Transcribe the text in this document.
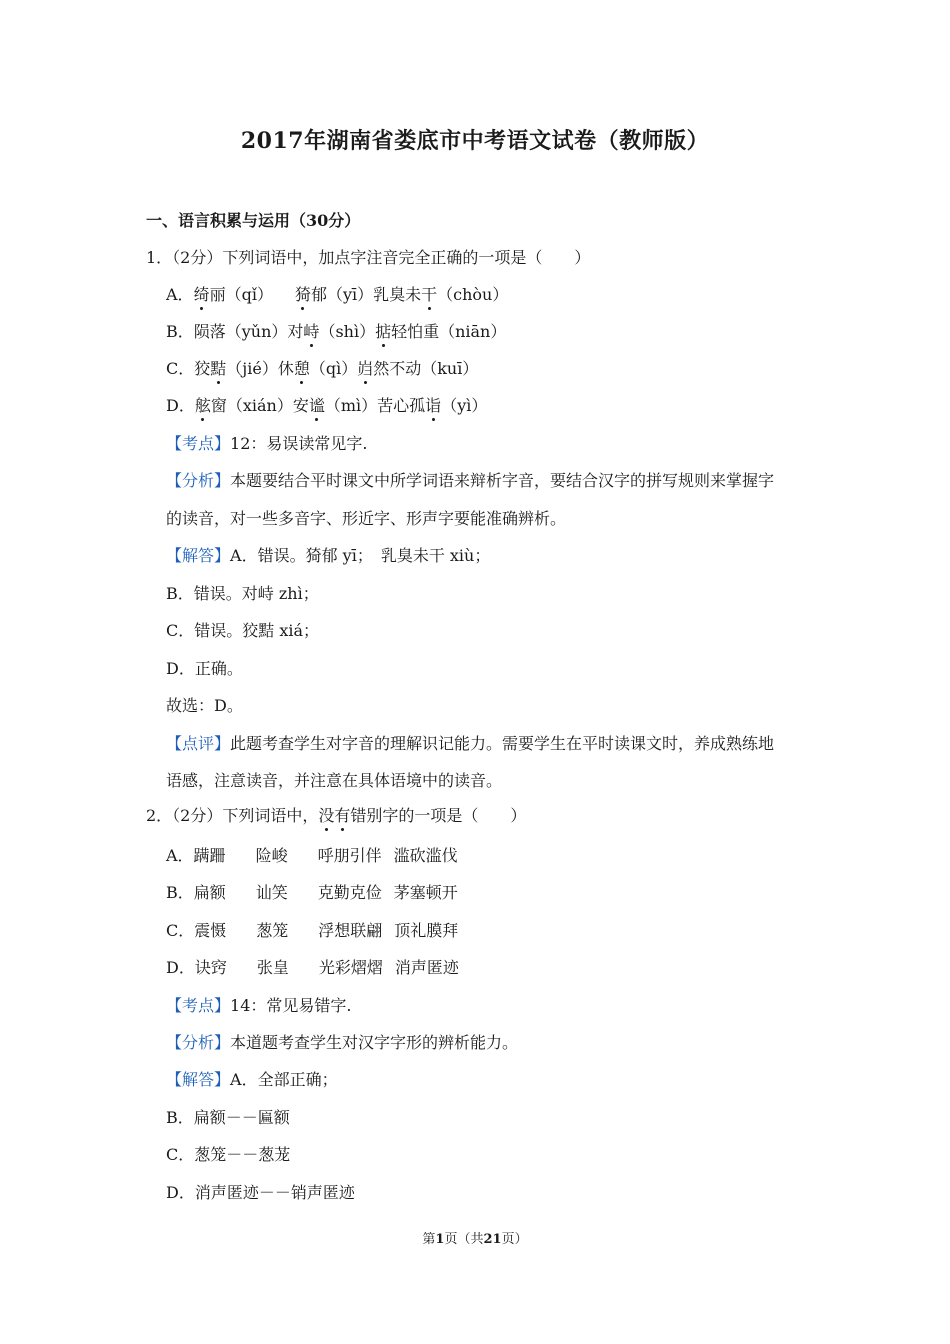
2017年湖南省娄底市中考语文试卷（教师版）
一、语言积累与运用（30分）
1．（2分）下列词语中，加点字注音完全正确的一项是（　　）
A．绮丽（qǐ） 猗郁（yī）乳臭未干（chòu）
B．陨落（yǔn）对峙（shì）掂轻怕重（niān）
C．狡黠（jié）休憩（qì）岿然不动（kuī）
D．舷窗（xián）安谧（mì）苦心孤诣（yì）
【考点】12：易误读常见字.
【分析】本题要结合平时课文中所学词语来辩析字音，要结合汉字的拼写规则来掌握字
的读音，对一些多音字、形近字、形声字要能准确辨析。
【解答】A．错误。猗郁 yī；　乳臭未干 xiù；
B．错误。对峙 zhì；
C．错误。狡黠 xiá；
D．正确。
故选：D。
【点评】此题考查学生对字音的理解识记能力。需要学生在平时读课文时，养成熟练地
语感，注意读音，并注意在具体语境中的读音。
2．（2分）下列词语中，没有错别字的一项是（　　）
A．蹒跚 险峻 呼朋引伴 滥砍滥伐
B．扁额 讪笑 克勤克俭 茅塞顿开
C．震慑 葱笼 浮想联翩 顶礼膜拜
D．诀窍 张皇 光彩熠熠 消声匿迹
【考点】14：常见易错字.
【分析】本道题考查学生对汉字字形的辨析能力。
【解答】A．全部正确；
B．扁额－－匾额
C．葱笼－－葱茏
D．消声匿迹－－销声匿迹
第1页（共21页）
